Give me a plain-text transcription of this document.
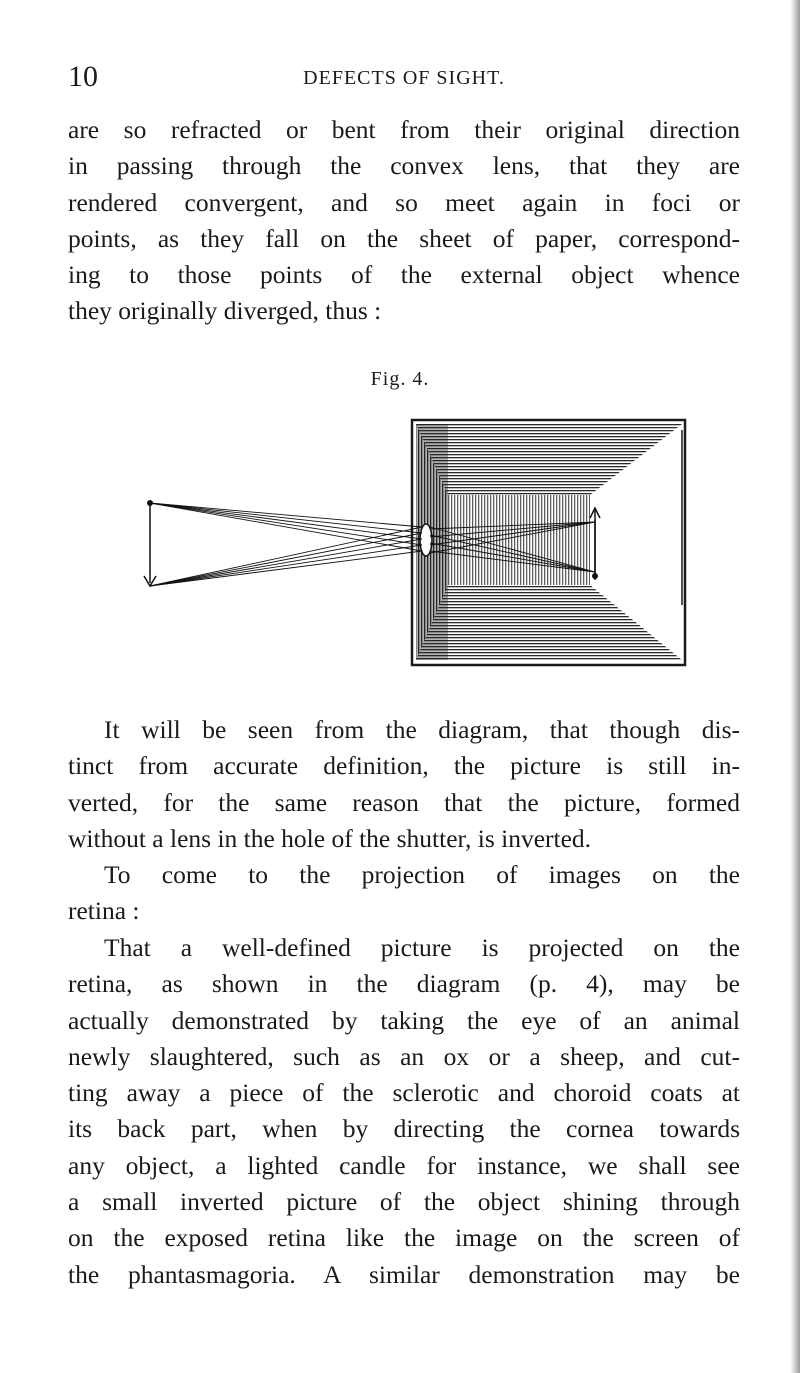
10	DEFECTS OF SIGHT.
are so refracted or bent from their original direction
in passing through the convex lens, that they are
rendered convergent, and so meet again in foci or
points, as they fall on the sheet of paper, correspond-
ing to those points of the external object whence
they originally diverged, thus :
Fig. 4.
It will be seen from the diagram, that though dis-
tinct from accurate definition, the picture is still in-
verted, for the same reason that the picture, formed
without a lens in the hole of the shutter, is inverted.
To come to the projection of images on the
retina :
That a well-defined picture is projected on the
retina, as shown in the diagram (p. 4), may be
actually demonstrated by taking the eye of an animal
newly slaughtered, such as an ox or a sheep, and cut-
ting away a piece of the sclerotic and choroid coats at
its back part, when by directing the cornea towards
any object, a lighted candle for instance, we shall see
a small inverted picture of the object shining through
on the exposed retina like the image on the screen of
the phantasmagoria. A similar demonstration may be
